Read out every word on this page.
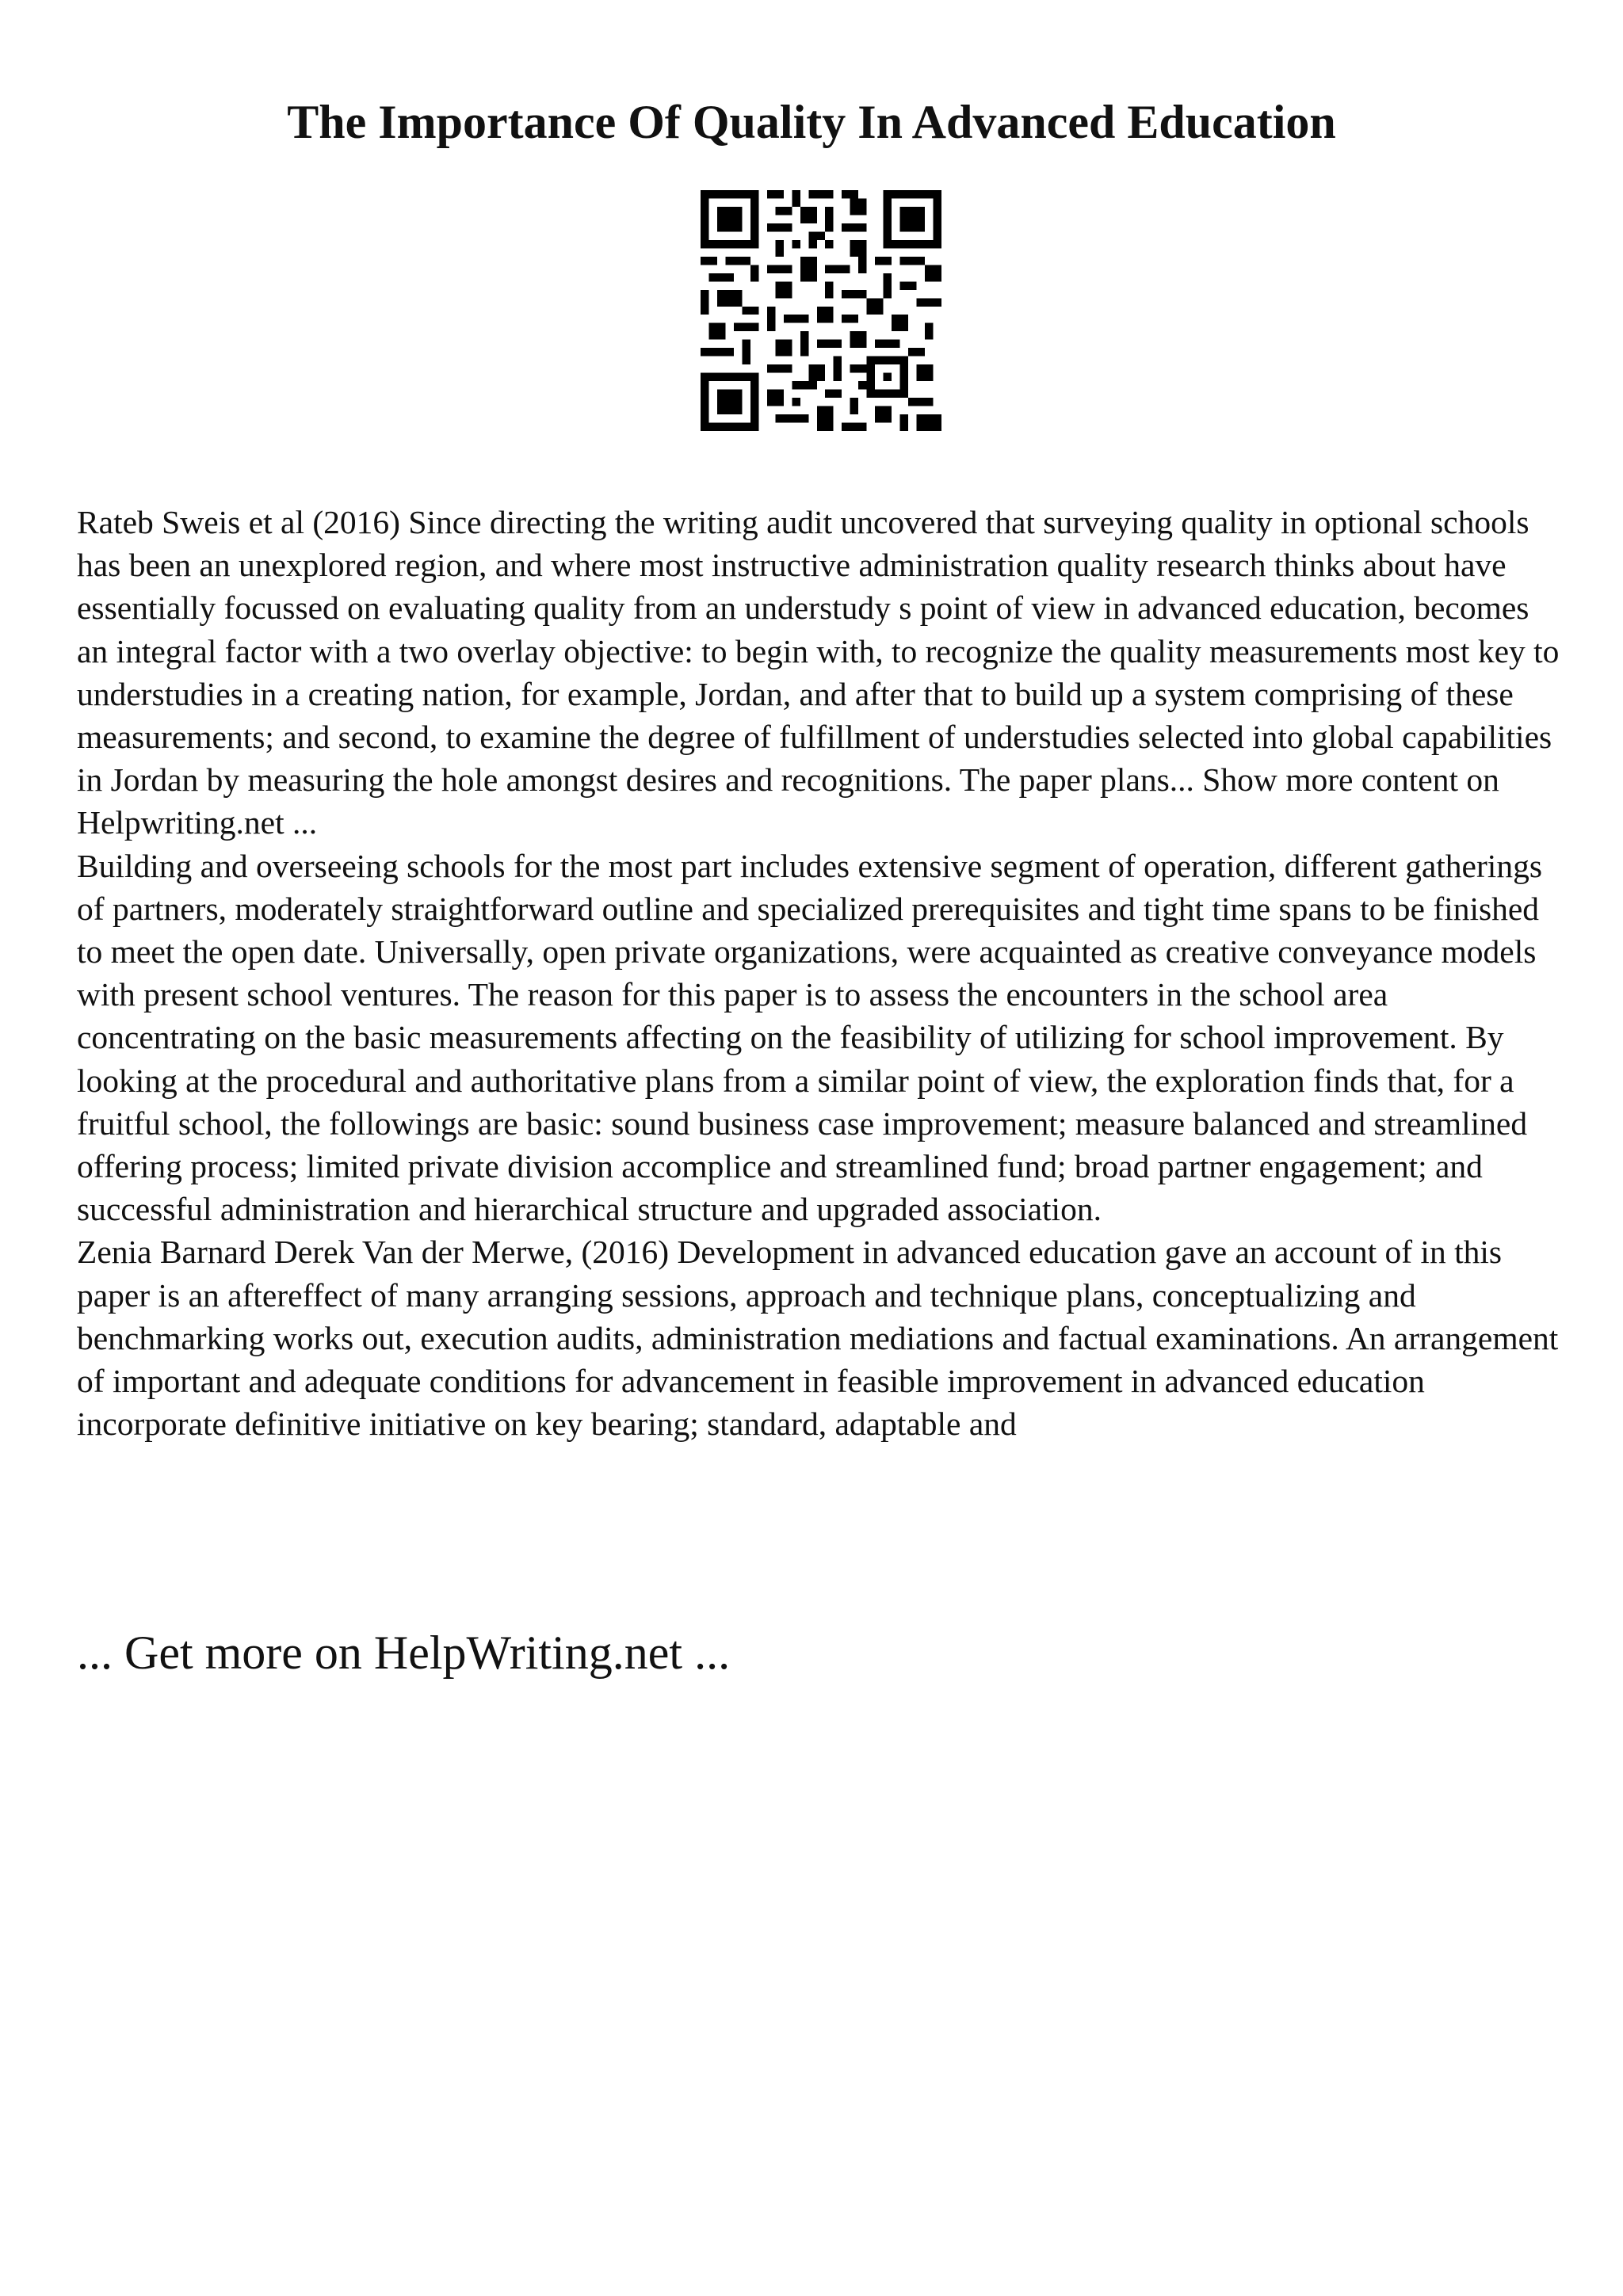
The Importance Of Quality In Advanced Education

Rateb Sweis et al (2016) Since directing the writing audit uncovered that surveying quality in optional schools has been an unexplored region, and where most instructive administration quality research thinks about have essentially focussed on evaluating quality from an understudy s point of view in advanced education, becomes an integral factor with a two overlay objective: to begin with, to recognize the quality measurements most key to understudies in a creating nation, for example, Jordan, and after that to build up a system comprising of these measurements; and second, to examine the degree of fulfillment of understudies selected into global capabilities in Jordan by measuring the hole amongst desires and recognitions. The paper plans... Show more content on Helpwriting.net ...

Building and overseeing schools for the most part includes extensive segment of operation, different gatherings of partners, moderately straightforward outline and specialized prerequisites and tight time spans to be finished to meet the open date. Universally, open private organizations, were acquainted as creative conveyance models with present school ventures. The reason for this paper is to assess the encounters in the school area concentrating on the basic measurements affecting on the feasibility of utilizing for school improvement. By looking at the procedural and authoritative plans from a similar point of view, the exploration finds that, for a fruitful school, the followings are basic: sound business case improvement; measure balanced and streamlined offering process; limited private division accomplice and streamlined fund; broad partner engagement; and successful administration and hierarchical structure and upgraded association.

Zenia Barnard Derek Van der Merwe, (2016) Development in advanced education gave an account of in this paper is an aftereffect of many arranging sessions, approach and technique plans, conceptualizing and benchmarking works out, execution audits, administration mediations and factual examinations. An arrangement of important and adequate conditions for advancement in feasible improvement in advanced education incorporate definitive initiative on key bearing; standard, adaptable and

... Get more on HelpWriting.net ...
